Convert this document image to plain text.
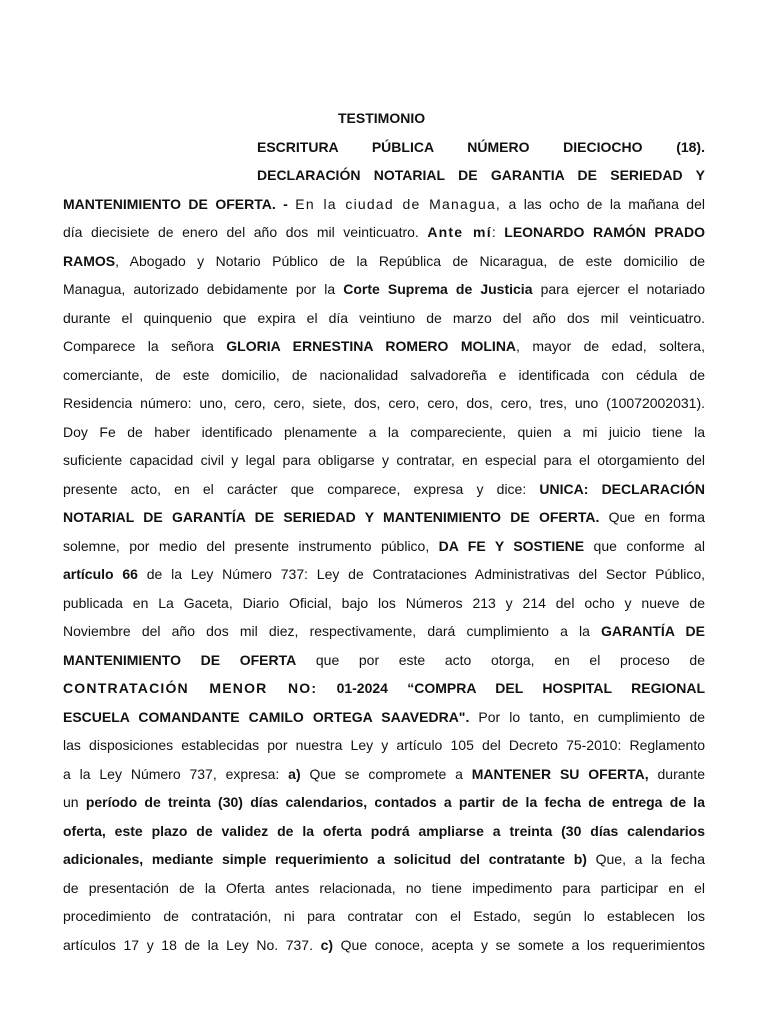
TESTIMONIO
ESCRITURA PÚBLICA NÚMERO DIECIOCHO (18).
DECLARACIÓN NOTARIAL DE GARANTIA DE SERIEDAD Y
MANTENIMIENTO DE OFERTA. - En la ciudad de Managua, a las ocho de la mañana del
día diecisiete de enero del año dos mil veinticuatro. Ante mí: LEONARDO RAMÓN PRADO
RAMOS, Abogado y Notario Público de la República de Nicaragua, de este domicilio de
Managua, autorizado debidamente por la Corte Suprema de Justicia para ejercer el notariado
durante el quinquenio que expira el día veintiuno de marzo del año dos mil veinticuatro.
Comparece la señora GLORIA ERNESTINA ROMERO MOLINA, mayor de edad, soltera,
comerciante, de este domicilio, de nacionalidad salvadoreña e identificada con cédula de
Residencia número: uno, cero, cero, siete, dos, cero, cero, dos, cero, tres, uno (10072002031).
Doy Fe de haber identificado plenamente a la compareciente, quien a mi juicio tiene la
suficiente capacidad civil y legal para obligarse y contratar, en especial para el otorgamiento del
presente acto, en el carácter que comparece, expresa y dice: UNICA: DECLARACIÓN
NOTARIAL DE GARANTÍA DE SERIEDAD Y MANTENIMIENTO DE OFERTA. Que en forma
solemne, por medio del presente instrumento público, DA FE Y SOSTIENE que conforme al
artículo 66 de la Ley Número 737: Ley de Contrataciones Administrativas del Sector Público,
publicada en La Gaceta, Diario Oficial, bajo los Números 213 y 214 del ocho y nueve de
Noviembre del año dos mil diez, respectivamente, dará cumplimiento a la GARANTÍA DE
MANTENIMIENTO DE OFERTA que por este acto otorga, en el proceso de
CONTRATACIÓN MENOR NO: 01-2024 “COMPRA DEL HOSPITAL REGIONAL
ESCUELA COMANDANTE CAMILO ORTEGA SAAVEDRA". Por lo tanto, en cumplimiento de
las disposiciones establecidas por nuestra Ley y artículo 105 del Decreto 75-2010: Reglamento
a la Ley Número 737, expresa: a) Que se compromete a MANTENER SU OFERTA, durante
un período de treinta (30) días calendarios, contados a partir de la fecha de entrega de la
oferta, este plazo de validez de la oferta podrá ampliarse a treinta (30 días calendarios
adicionales, mediante simple requerimiento a solicitud del contratante b) Que, a la fecha
de presentación de la Oferta antes relacionada, no tiene impedimento para participar en el
procedimiento de contratación, ni para contratar con el Estado, según lo establecen los
artículos 17 y 18 de la Ley No. 737. c) Que conoce, acepta y se somete a los requerimientos
